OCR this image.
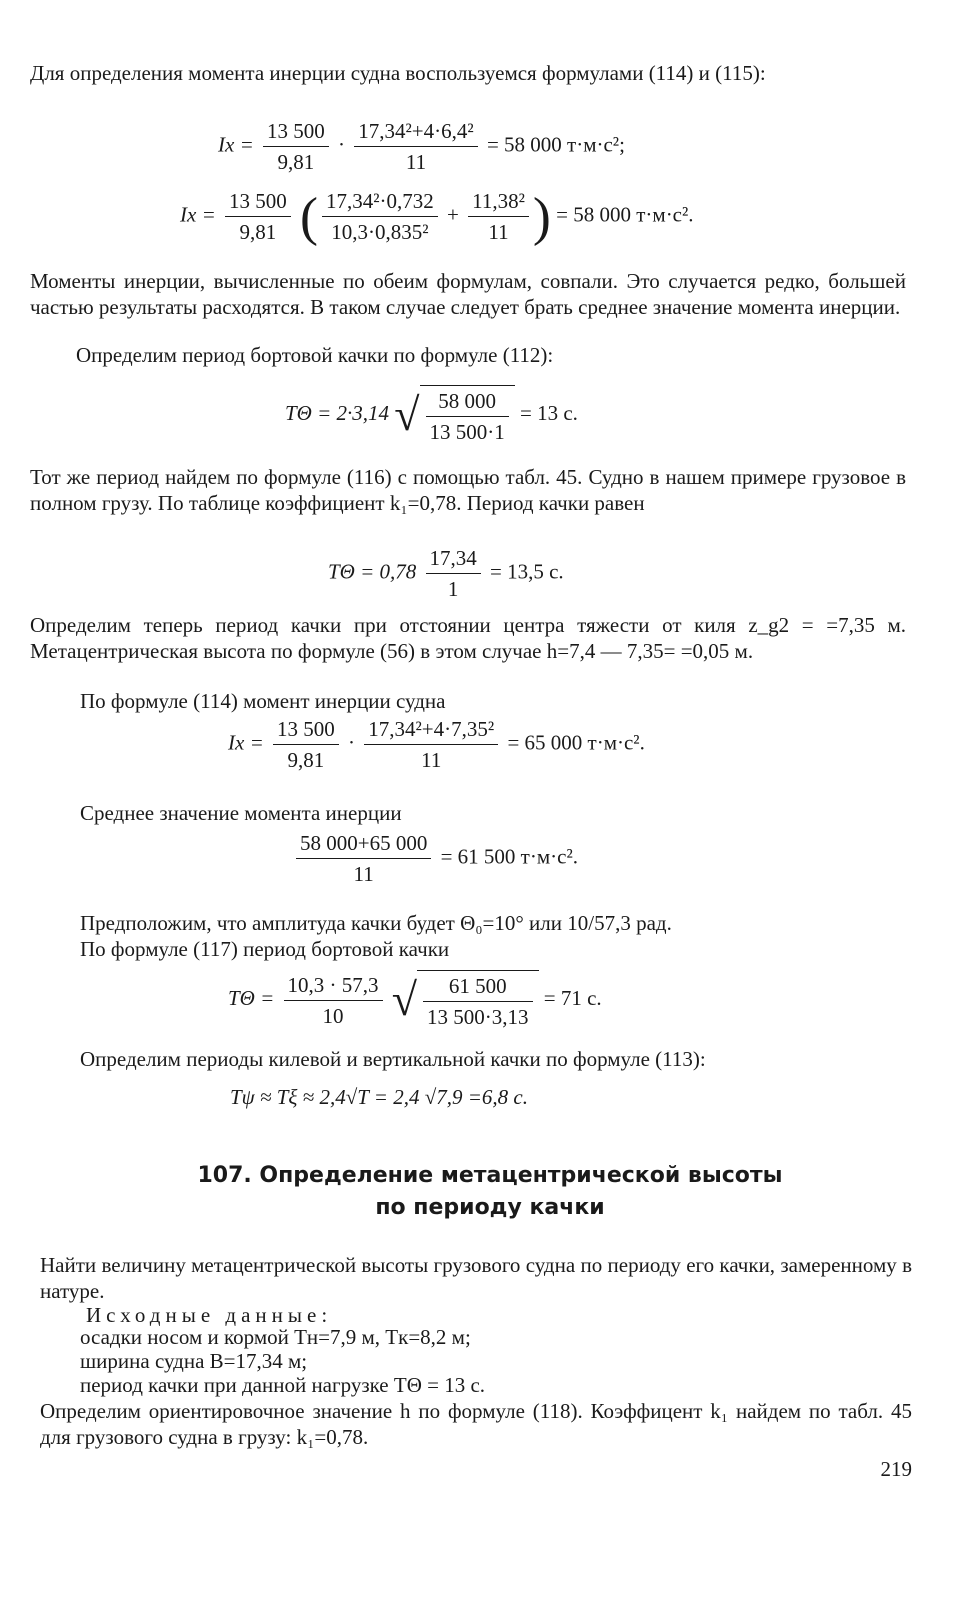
Для определения момента инерции судна воспользуемся формулами (114) и (115):
$Ix = \frac{13 500}{9,81} \cdot \frac{\text{17,34²+4·6,4²}}{11} = 58$ 000 т·м·с²;
$Ix = \frac{13 500}{9,81}$ ( $\frac{\text{17,34²·0,732}}{\text{10,3·0,835²}} + \frac{\text{11,38²}}{11}$ ) = 58 000 т·м·с².
Моменты инерции, вычисленные по обеим формулам, совпали. Это случается редко, большей частью результаты расходятся. В таком случае следует брать среднее значение момента инерции.
Определим период бортовой качки по формуле (112):
TΘ = 2·3,14 √ $\frac{58 000}{13 500\cdot 1} = 13$ с.
Тот же период найдем по формуле (116) с помощью табл. 45. Судно в нашем примере грузовое в полном грузу. По таблице коэффициент k₁=0,78. Период качки равен
$T\Theta = 0,78 \frac{17,34}{1} = 13,5$ с.
Определим теперь период качки при отстоянии центра тяжести от киля z_g2 = =7,35 м. Метацентрическая высота по формуле (56) в этом случае h=7,4 — 7,35= =0,05 м.
По формуле (114) момент инерции судна
$Ix = \frac{13 500}{9,81} \cdot \frac{\text{17,34²+4·7,35²}}{11} = 65$ 000 т·м·с².
Среднее значение момента инерции
$\frac{58 000+65 000}{11} = 61$ 500 т·м·с².
Предположим, что амплитуда качки будет Θ₀=10° или 10/57,3 рад.
По формуле (117) период бортовой качки
$T\Theta = \frac{10,3 \cdot 57,3}{10}$ √ $\frac{61 500}{13 500\cdot 3,13} = 71$ с.
Определим периоды килевой и вертикальной качки по формуле (113):
Tψ ≈ Tξ ≈ 2,4√T = 2,4 √7,9 =6,8 с.
107. Определение метацентрической высоты
по периоду качки
Найти величину метацентрической высоты грузового судна по периоду его качки, замеренному в натуре.
Исходные данные:
осадки носом и кормой Tн=7,9 м, Tк=8,2 м;
ширина судна B=17,34 м;
период качки при данной нагрузке TΘ = 13 с.
Определим ориентировочное значение h по формуле (118). Коэффицент k₁ найдем по табл. 45 для грузового судна в грузу: k₁=0,78.
219
